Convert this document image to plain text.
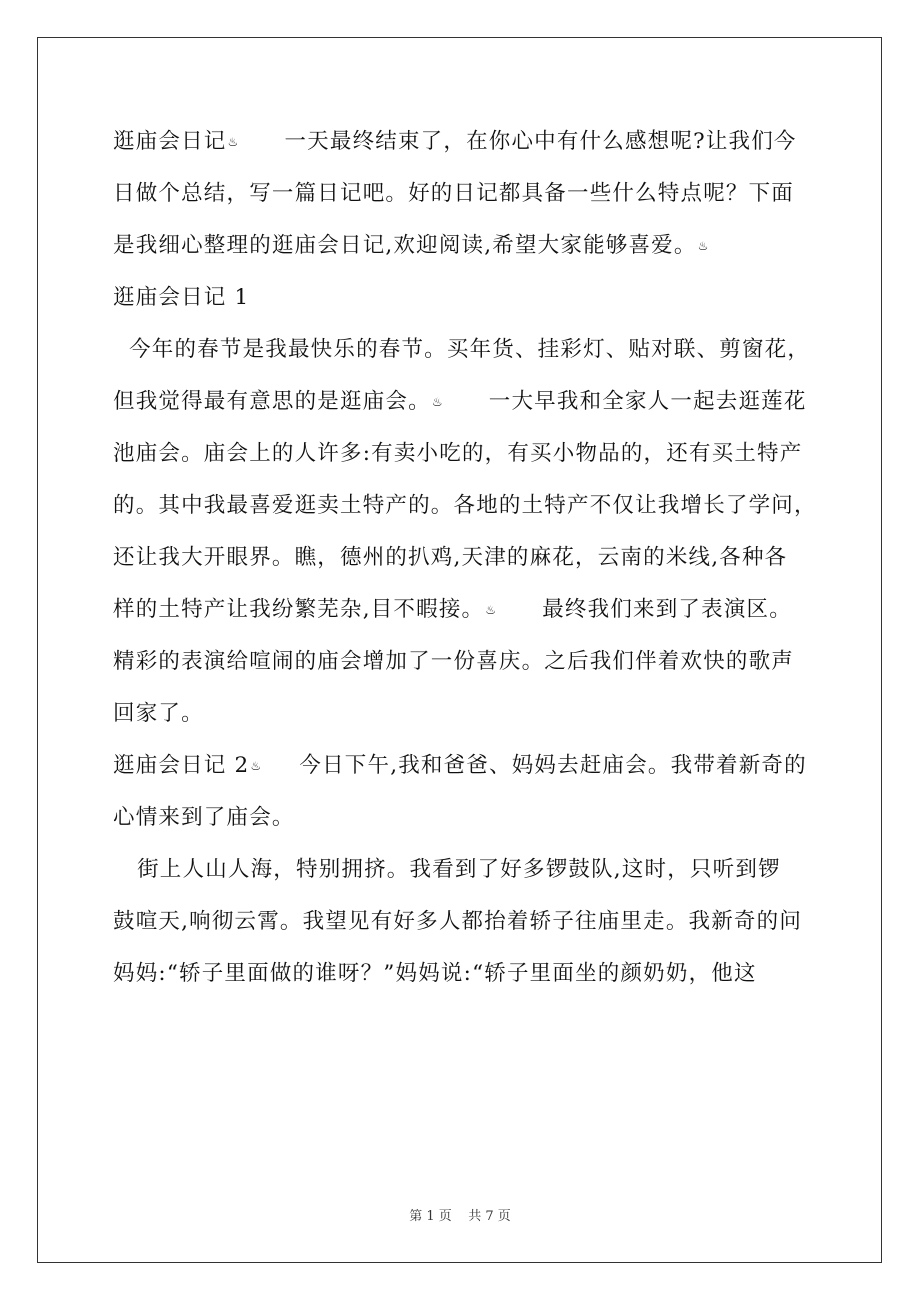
逛庙会日记♨ 一天最终结束了，在你心中有什么感想呢?让我们今
日做个总结，写一篇日记吧。好的日记都具备一些什么特点呢？下面
是我细心整理的逛庙会日记,欢迎阅读,希望大家能够喜爱。♨
逛庙会日记 1
今年的春节是我最快乐的春节。买年货、挂彩灯、贴对联、剪窗花，
但我觉得最有意思的是逛庙会。♨ 一大早我和全家人一起去逛莲花
池庙会。庙会上的人许多:有卖小吃的，有买小物品的，还有买土特产
的。其中我最喜爱逛卖土特产的。各地的土特产不仅让我增长了学问，
还让我大开眼界。瞧，德州的扒鸡,天津的麻花，云南的米线,各种各
样的土特产让我纷繁芜杂,目不暇接。♨ 最终我们来到了表演区。
精彩的表演给喧闹的庙会增加了一份喜庆。之后我们伴着欢快的歌声
回家了。
逛庙会日记 2♨ 今日下午,我和爸爸、妈妈去赶庙会。我带着新奇的
心情来到了庙会。
街上人山人海，特别拥挤。我看到了好多锣鼓队,这时，只听到锣
鼓喧天,响彻云霄。我望见有好多人都抬着轿子往庙里走。我新奇的问
妈妈:“轿子里面做的谁呀？”妈妈说:“轿子里面坐的颜奶奶，他这
第 1 页    共 7 页
